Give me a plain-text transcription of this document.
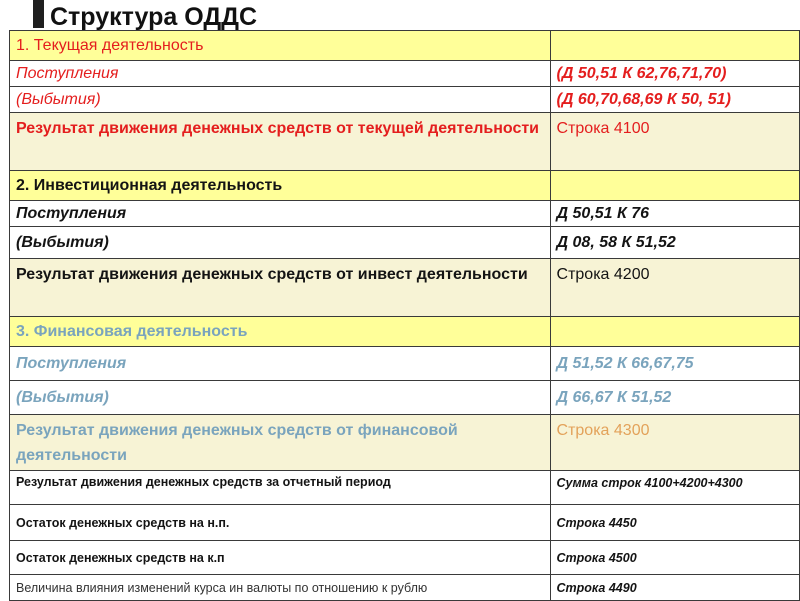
Структура ОДДС
1. Текущая деятельность	
Поступления	(Д 50,51 К 62,76,71,70)
(Выбытия)	(Д 60,70,68,69 К 50, 51)
Результат движения денежных средств от текущей деятельности	Строка 4100
2. Инвестиционная деятельность	
Поступления	Д 50,51 К 76
(Выбытия)	Д 08, 58 К 51,52
Результат движения денежных средств от инвест деятельности	Строка 4200
3. Финансовая деятельность	
Поступления	Д 51,52 К 66,67,75
(Выбытия)	Д 66,67 К 51,52
Результат движения денежных средств от финансовой деятельности	Строка 4300
Результат движения денежных средств за отчетный период	Сумма строк 4100+4200+4300
Остаток денежных средств на н.п.	Строка 4450
Остаток денежных средств на к.п	Строка 4500
Величина влияния изменений курса ин валюты по отношению к рублю	Строка 4490
